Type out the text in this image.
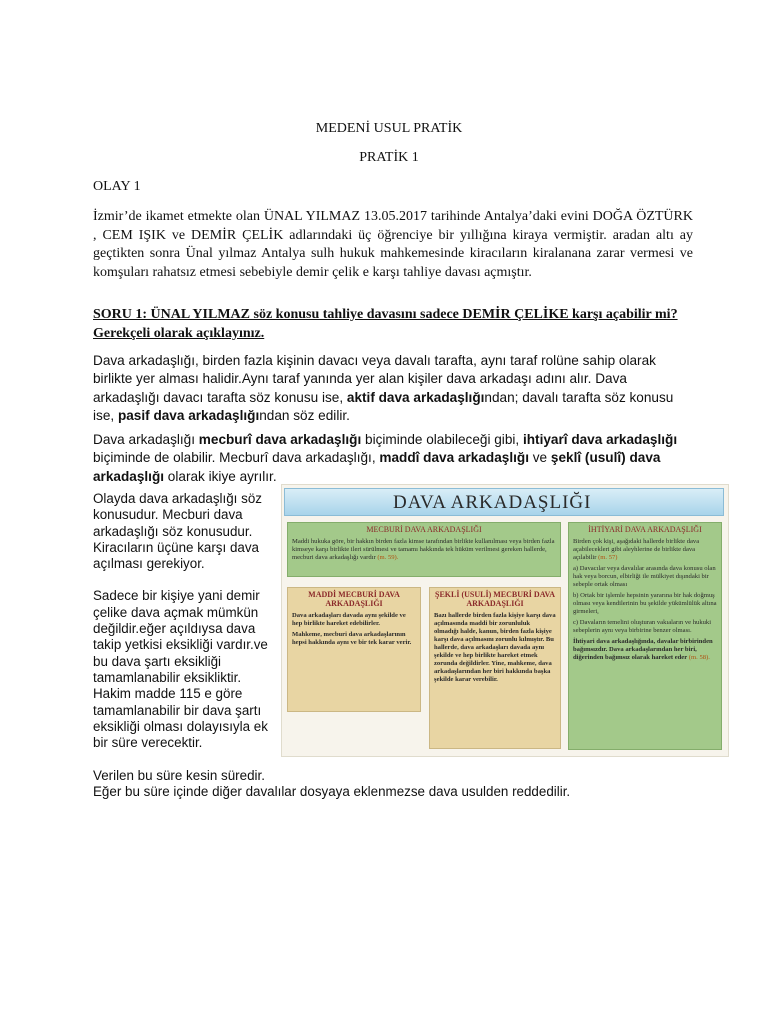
MEDENİ USUL PRATİK
PRATİK 1
OLAY 1
İzmir’de ikamet etmekte olan ÜNAL YILMAZ 13.05.2017 tarihinde Antalya’daki evini DOĞA ÖZTÜRK , CEM IŞIK ve DEMİR ÇELİK adlarındaki üç öğrenciye bir yıllığına kiraya vermiştir. aradan altı ay geçtikten sonra Ünal yılmaz Antalya sulh hukuk mahkemesinde kiracıların kiralanana zarar vermesi ve komşuları rahatsız etmesi sebebiyle demir çelik e karşı tahliye davası açmıştır.
SORU 1: ÜNAL YILMAZ söz konusu tahliye davasını sadece DEMİR ÇELİKE karşı açabilir mi? Gerekçeli olarak açıklayınız.
Dava arkadaşlığı, birden fazla kişinin davacı veya davalı tarafta, aynı taraf rolüne sahip olarak birlikte yer alması halidir.Aynı taraf yanında yer alan kişiler dava arkadaşı adını alır. Dava arkadaşlığı davacı tarafta söz konusu ise, aktif dava arkadaşlığından; davalı tarafta söz konusu ise, pasif dava arkadaşlığından söz edilir.
Dava arkadaşlığı mecburî dava arkadaşlığı biçiminde olabileceği gibi, ihtiyarî dava arkadaşlığı biçiminde de olabilir. Mecburî dava arkadaşlığı, maddî dava arkadaşlığı ve şeklî (usulî) dava arkadaşlığı olarak ikiye ayrılır.

Olayda dava arkadaşlığı söz konusudur. Mecburi dava arkadaşlığı söz konusudur. Kiracıların üçüne karşı dava açılması gerekiyor.

Sadece bir kişiye yani demir çelike dava açmak mümkün değildir.eğer açıldıysa dava takip yetkisi eksikliği vardır.ve bu dava şartı eksikliği tamamlanabilir eksikliktir.

Hakim madde 115 e göre tamamlanabilir bir dava şartı eksikliği olması dolayısıyla ek bir süre verecektir.

DAVA ARKADAŞLIĞI
MECBURİ DAVA ARKADAŞLIĞI
Maddi hukuka göre, bir hakkın birden fazla kimse tarafından birlikte kullanılması veya birden fazla kimseye karşı birlikte ileri sürülmesi ve tamamı hakkında tek hüküm verilmesi gereken hallerde, mecburi dava arkadaşlığı vardır (m. 59).
MADDİ MECBURİ DAVA ARKADAŞLIĞI

Dava arkadaşları davada aynı şekilde ve hep birlikte hareket edebilirler.

Mahkeme, mecburi dava arkadaşlarının hepsi hakkında aynı ve bir tek karar verir.

ŞEKLİ (USULİ) MECBURİ DAVA ARKADAŞLIĞI

Bazı hallerde birden fazla kişiye karşı dava açılmasında maddi bir zorunluluk olmadığı halde, kanun, birden fazla kişiye karşı dava açılmasını zorunlu kılmıştır. Bu hallerde, dava arkadaşları davada aynı şekilde ve hep birlikte hareket etmek zorunda değildirler. Yine, mahkeme, dava arkadaşlarından her biri hakkında başka şekilde karar verebilir.

İHTİYARİ DAVA ARKADAŞLIĞI

Birden çok kişi, aşağıdaki hallerde birlikte dava açabilecekleri gibi aleyhlerine de birlikte dava açılabilir (m. 57)

a) Davacılar veya davalılar arasında dava konusu olan hak veya borcun, elbirliği ile mülkiyet dışındaki bir sebeple ortak olması

b) Ortak bir işlemle hepsinin yararına bir hak doğmuş olması veya kendilerinin bu şekilde yükümlülük altına girmeleri,

c) Davaların temelini oluşturan vakıaların ve hukuki sebeplerin aynı veya birbirine benzer olması.

İhtiyari dava arkadaşlığında, davalar birbirinden bağımsızdır. Dava arkadaşlarından her biri, diğerinden bağımsız olarak hareket eder (m. 58).

Verilen bu süre kesin süredir.

Eğer bu süre içinde diğer davalılar dosyaya eklenmezse dava usulden reddedilir.
